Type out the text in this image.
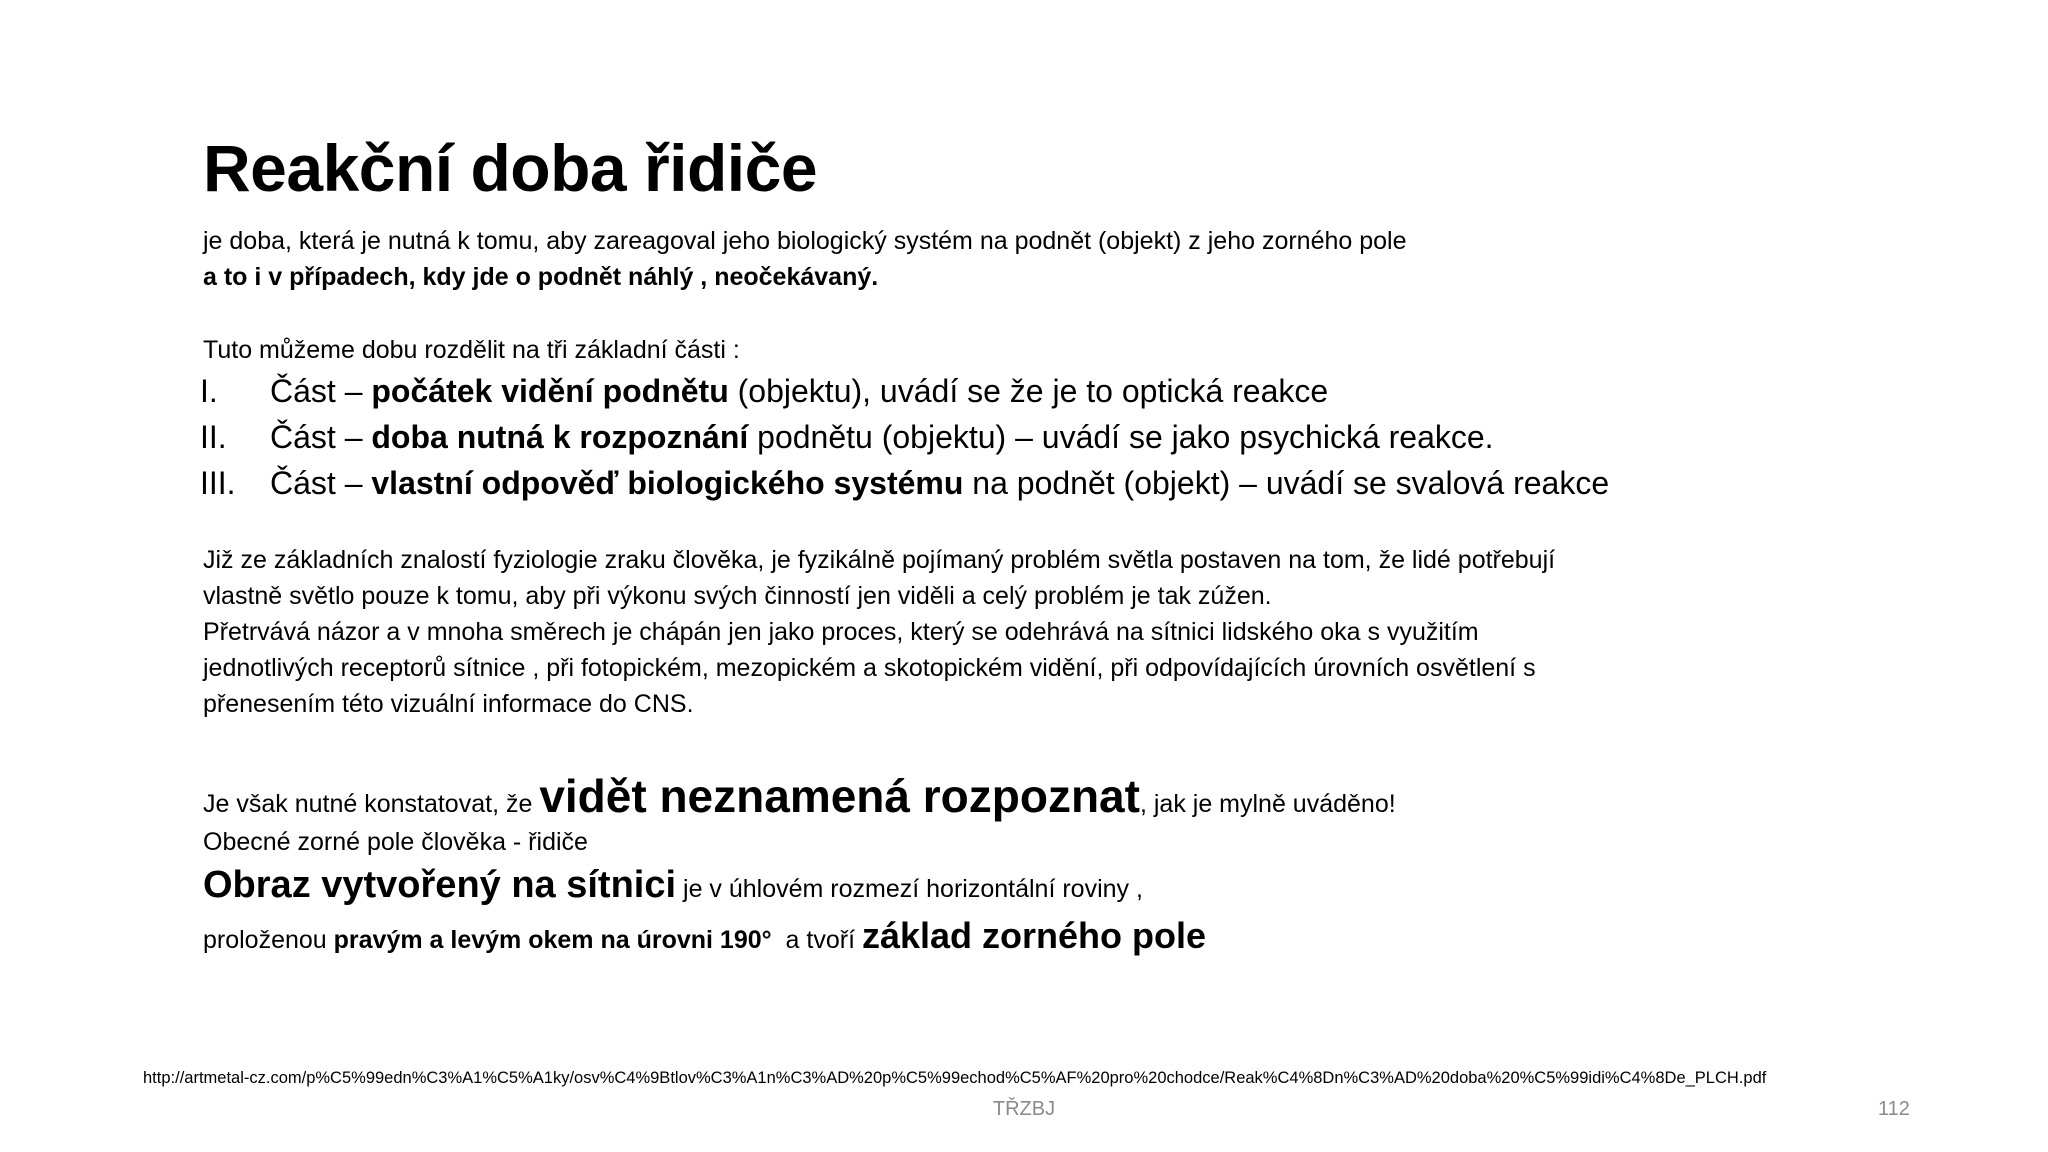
Reakční doba řidiče
je doba, která je nutná k tomu, aby zareagoval jeho biologický systém na podnět (objekt) z jeho zorného pole
a to i v případech, kdy jde o podnět náhlý , neočekávaný.
Tuto můžeme dobu rozdělit na tři základní části :
I.	Část – počátek vidění podnětu (objektu), uvádí se že je to optická reakce
II.	Část – doba nutná k rozpoznání podnětu (objektu) – uvádí se jako psychická reakce.
III.	Část – vlastní odpověď biologického systému na podnět (objekt) – uvádí se svalová reakce
Již ze základních znalostí fyziologie zraku člověka, je fyzikálně pojímaný problém světla postaven na tom, že lidé potřebují
vlastně světlo pouze k tomu, aby při výkonu svých činností jen viděli a celý problém je tak zúžen.
Přetrvává názor a v mnoha směrech je chápán jen jako proces, který se odehrává na sítnici lidského oka s využitím
jednotlivých receptorů sítnice , při fotopickém, mezopickém a skotopickém vidění, při odpovídajících úrovních osvětlení s
přenesením této vizuální informace do CNS.
Je však nutné konstatovat, že vidět neznamená rozpoznat, jak je mylně uváděno!
Obecné zorné pole člověka - řidiče
Obraz vytvořený na sítnici je v úhlovém rozmezí horizontální roviny ,
proloženou pravým a levým okem na úrovni 190°  a tvoří základ zorného pole
http://artmetal-cz.com/p%C5%99edn%C3%A1%C5%A1ky/osv%C4%9Btlov%C3%A1n%C3%AD%20p%C5%99echod%C5%AF%20pro%20chodce/Reak%C4%8Dn%C3%AD%20doba%20%C5%99idi%C4%8De_PLCH.pdf
TŘZBJ	112
